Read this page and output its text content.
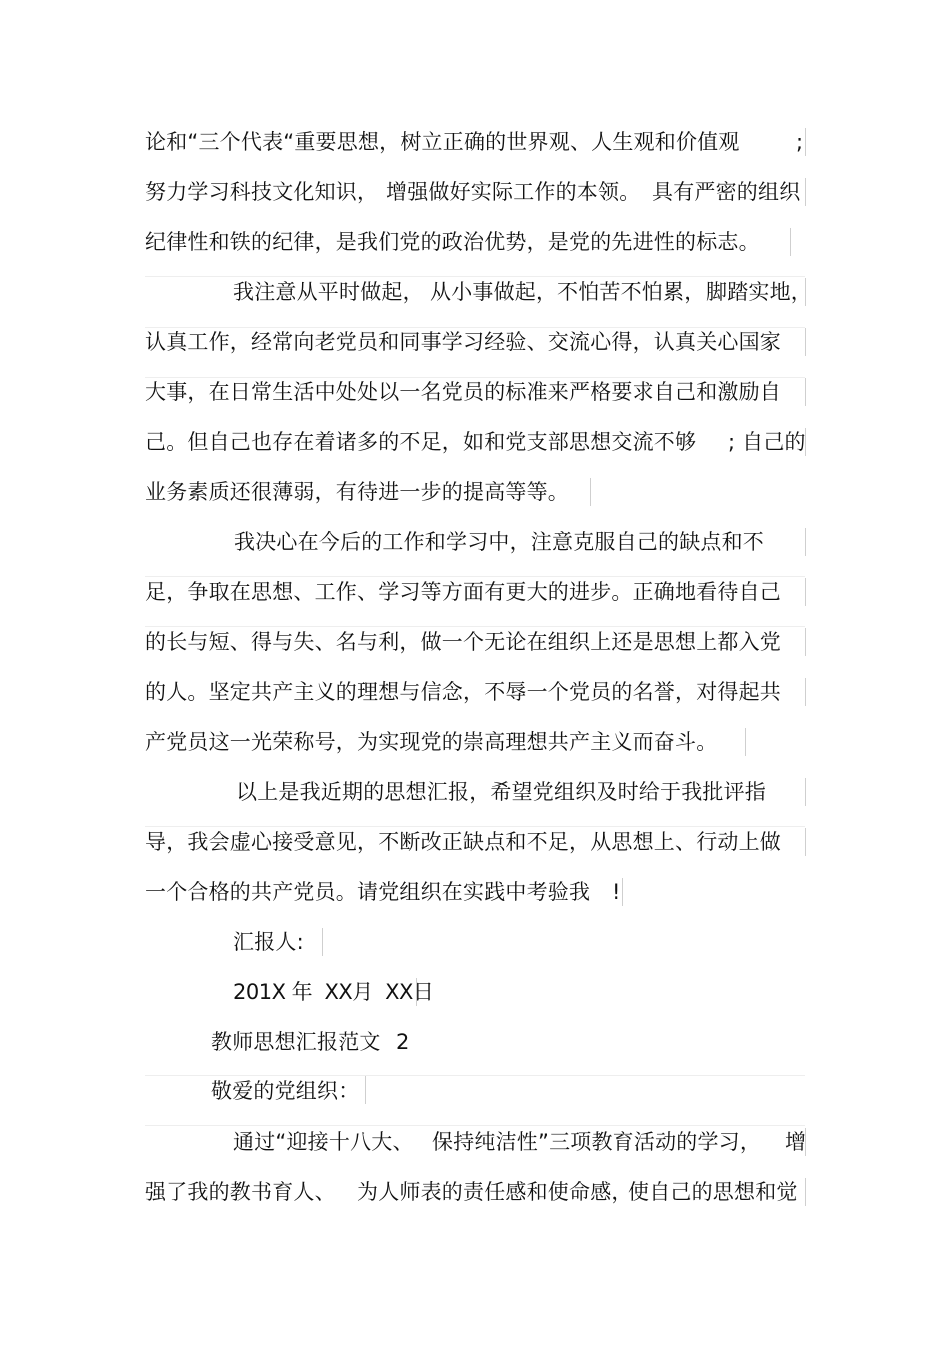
论和“三个代表“重要思想，树立正确的世界观、人生观和价值观	;
努力学习科技文化知识， 增强做好实际工作的本领。 具有严密的组织
纪律性和铁的纪律，是我们党的政治优势，是党的先进性的标志。
我注意从平时做起， 从小事做起， 不怕苦不怕累， 脚踏实地，
认真工作，经常向老党员和同事学习经验、交流心得，认真关心国家
大事，在日常生活中处处以一名党员的标准来严格要求自己和激励自
己。但自己也存在着诸多的不足，如和党支部思想交流不够 ; 自己的
业务素质还很薄弱，有待进一步的提高等等。
我决心在今后的工作和学习中，注意克服自己的缺点和不
足，争取在思想、工作、学习等方面有更大的进步。正确地看待自己
的长与短、得与失、名与利，做一个无论在组织上还是思想上都入党
的人。坚定共产主义的理想与信念，不辱一个党员的名誉，对得起共
产党员这一光荣称号，为实现党的崇高理想共产主义而奋斗。
以上是我近期的思想汇报，希望党组织及时给于我批评指
导，我会虚心接受意见，不断改正缺点和不足，从思想上、行动上做
一个合格的共产党员。请党组织在实践中考验我 !
汇报人:
201X 年  XX月  XX日
教师思想汇报范文 2
敬爱的党组织：
通过“迎接十八大、 保持纯洁性”三项教育活动的学习， 增
强了我的教书育人、 为人师表的责任感和使命感，
使自己的思想和觉
